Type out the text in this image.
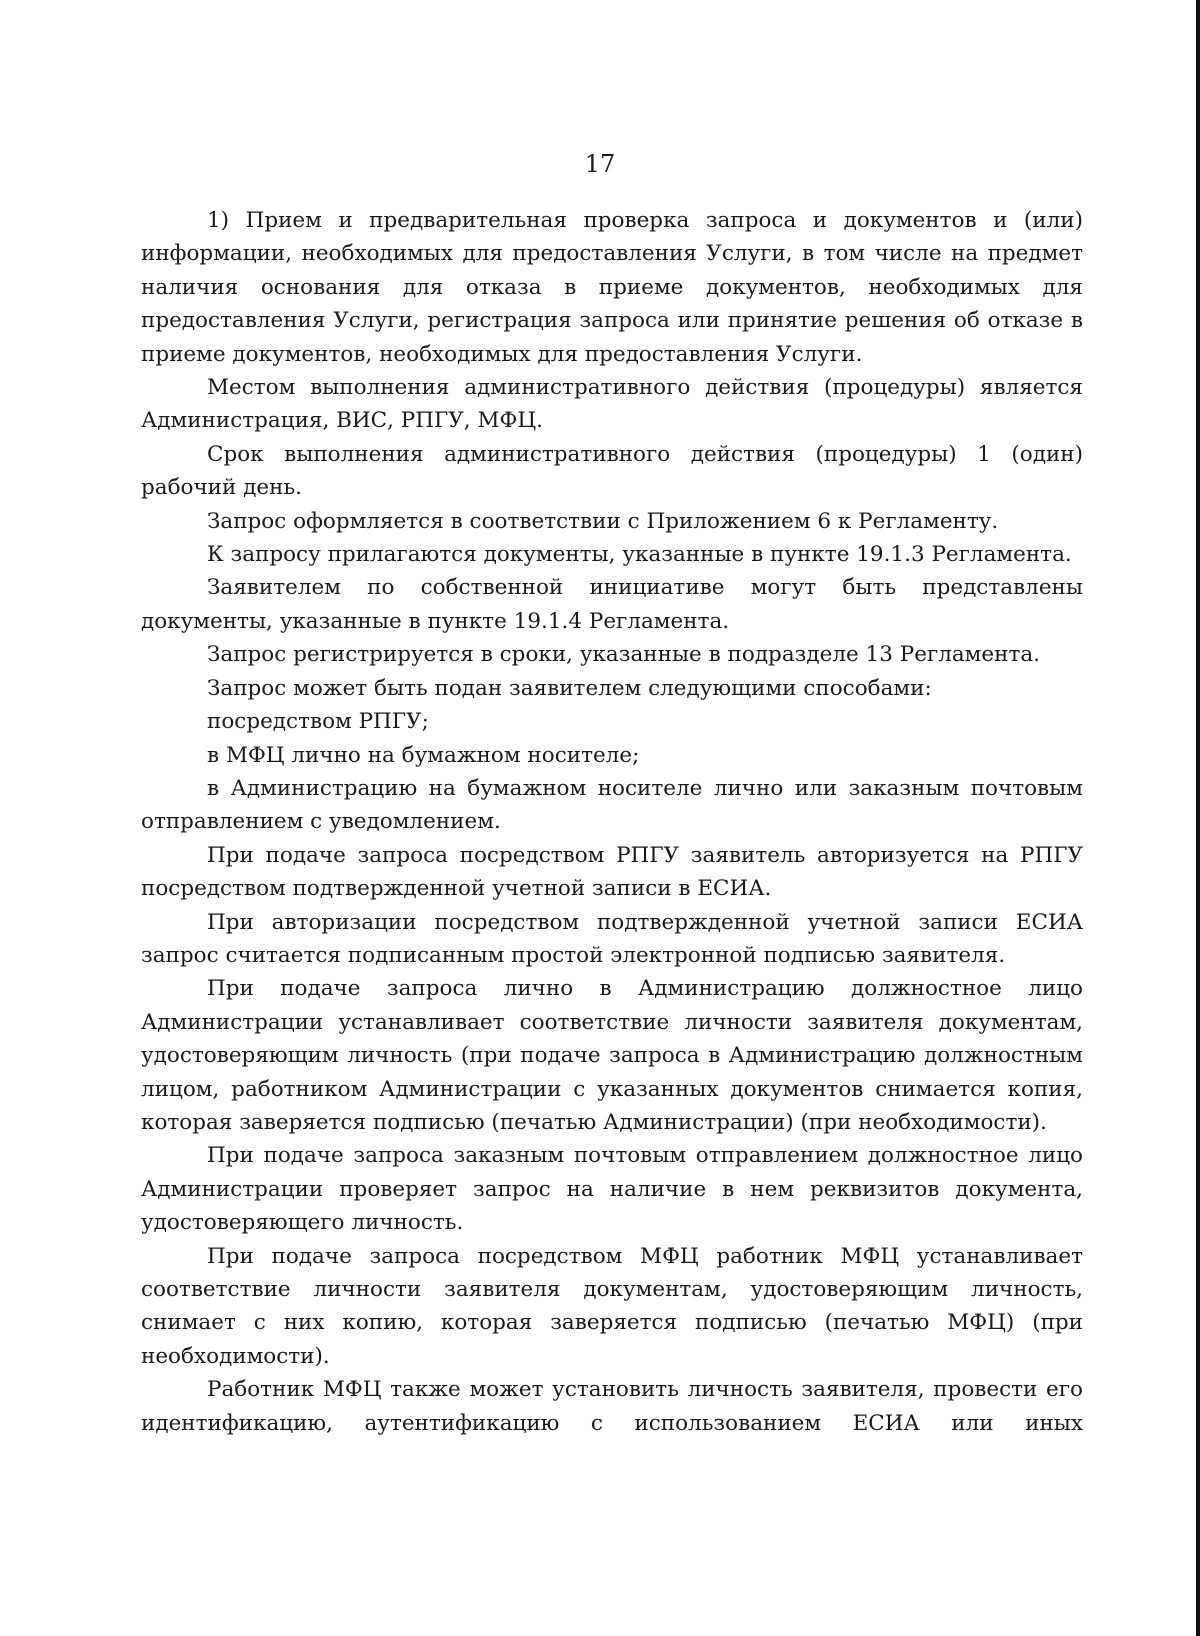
17

1) Прием и предварительная проверка запроса и документов и (или) информации, необходимых для предоставления Услуги, в том числе на предмет наличия основания для отказа в приеме документов, необходимых для предоставления Услуги, регистрация запроса или принятие решения об отказе в приеме документов, необходимых для предоставления Услуги.

Местом выполнения административного действия (процедуры) является Администрация, ВИС, РПГУ, МФЦ.

Срок выполнения административного действия (процедуры) 1 (один) рабочий день.

Запрос оформляется в соответствии с Приложением 6 к Регламенту.

К запросу прилагаются документы, указанные в пункте 19.1.3 Регламента.

Заявителем по собственной инициативе могут быть представлены документы, указанные в пункте 19.1.4 Регламента.

Запрос регистрируется в сроки, указанные в подразделе 13 Регламента.

Запрос может быть подан заявителем следующими способами:

посредством РПГУ;

в МФЦ лично на бумажном носителе;

в Администрацию на бумажном носителе лично или заказным почтовым отправлением с уведомлением.

При подаче запроса посредством РПГУ заявитель авторизуется на РПГУ посредством подтвержденной учетной записи в ЕСИА.

При авторизации посредством подтвержденной учетной записи ЕСИА запрос считается подписанным простой электронной подписью заявителя.

При подаче запроса лично в Администрацию должностное лицо Администрации устанавливает соответствие личности заявителя документам, удостоверяющим личность (при подаче запроса в Администрацию должностным лицом, работником Администрации с указанных документов снимается копия, которая заверяется подписью (печатью Администрации) (при необходимости).

При подаче запроса заказным почтовым отправлением должностное лицо Администрации проверяет запрос на наличие в нем реквизитов документа, удостоверяющего личность.

При подаче запроса посредством МФЦ работник МФЦ устанавливает соответствие личности заявителя документам, удостоверяющим личность, снимает с них копию, которая заверяется подписью (печатью МФЦ) (при необходимости).

Работник МФЦ также может установить личность заявителя, провести его идентификацию, аутентификацию с использованием ЕСИА или иных
